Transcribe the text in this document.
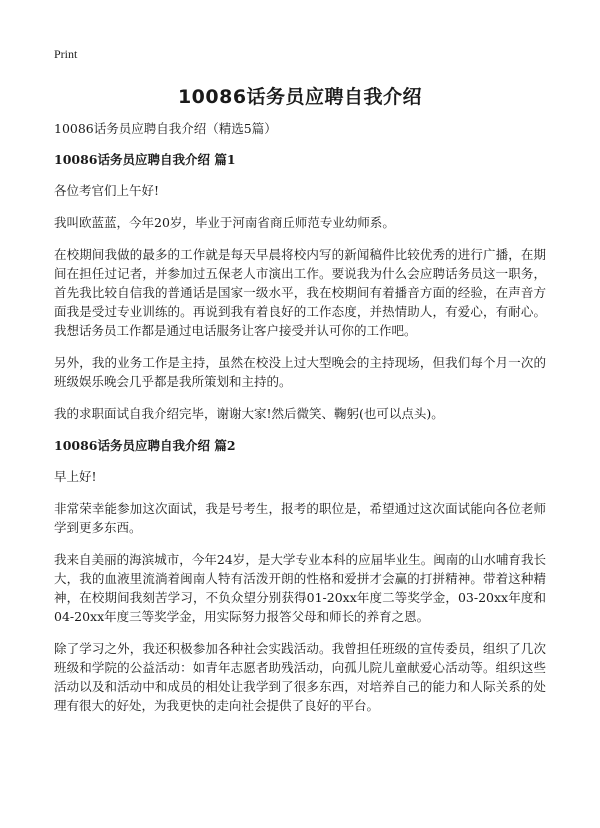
Print
10086话务员应聘自我介绍

10086话务员应聘自我介绍（精选5篇）

10086话务员应聘自我介绍 篇1

各位考官们上午好!

我叫欧蓝蓝，今年20岁，毕业于河南省商丘师范专业幼师系。

在校期间我做的最多的工作就是每天早晨将校内写的新闻稿件比较优秀的进行广播，在期间在担任过记者，并参加过五保老人市演出工作。要说我为什么会应聘话务员这一职务，首先我比较自信我的普通话是国家一级水平，我在校期间有着播音方面的经验，在声音方面我是受过专业训练的。再说到我有着良好的工作态度，并热情助人，有爱心，有耐心。我想话务员工作都是通过电话服务让客户接受并认可你的工作吧。

另外，我的业务工作是主持，虽然在校没上过大型晚会的主持现场，但我们每个月一次的班级娱乐晚会几乎都是我所策划和主持的。

我的求职面试自我介绍完毕，谢谢大家!然后微笑、鞠躬(也可以点头)。

10086话务员应聘自我介绍 篇2

早上好!

非常荣幸能参加这次面试，我是号考生，报考的职位是，希望通过这次面试能向各位老师学到更多东西。

我来自美丽的海滨城市，今年24岁，是大学专业本科的应届毕业生。闽南的山水哺育我长大，我的血液里流淌着闽南人特有活泼开朗的性格和爱拼才会赢的打拼精神。带着这种精神，在校期间我刻苦学习，不负众望分别获得01-20xx年度二等奖学金，03-20xx年度和04-20xx年度三等奖学金，用实际努力报答父母和师长的养育之恩。

除了学习之外，我还积极参加各种社会实践活动。我曾担任班级的宣传委员，组织了几次班级和学院的公益活动：如青年志愿者助残活动，向孤儿院儿童献爱心活动等。组织这些活动以及和活动中和成员的相处让我学到了很多东西，对培养自己的能力和人际关系的处理有很大的好处，为我更快的走向社会提供了良好的平台。
